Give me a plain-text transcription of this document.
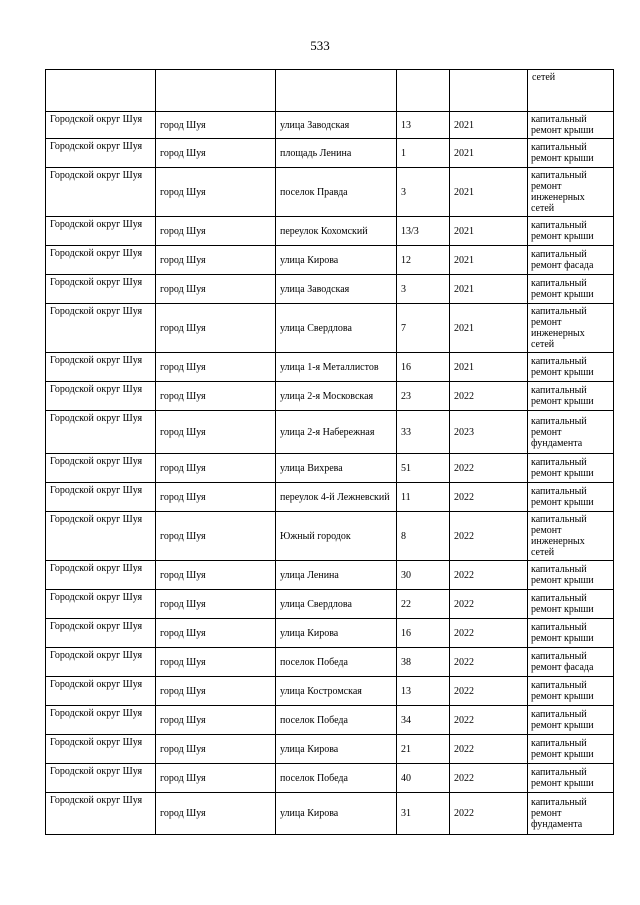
533
					сетей
Городской округ Шуя	город Шуя	улица Заводская	13	2021	капитальный ремонт крыши
Городской округ Шуя	город Шуя	площадь Ленина	1	2021	капитальный ремонт крыши
Городской округ Шуя	город Шуя	поселок Правда	3	2021	капитальный ремонт инженерных сетей
Городской округ Шуя	город Шуя	переулок Кохомский	13/3	2021	капитальный ремонт крыши
Городской округ Шуя	город Шуя	улица Кирова	12	2021	капитальный ремонт фасада
Городской округ Шуя	город Шуя	улица Заводская	3	2021	капитальный ремонт крыши
Городской округ Шуя	город Шуя	улица Свердлова	7	2021	капитальный ремонт инженерных сетей
Городской округ Шуя	город Шуя	улица 1-я Металлистов	16	2021	капитальный ремонт крыши
Городской округ Шуя	город Шуя	улица 2-я Московская	23	2022	капитальный ремонт крыши
Городской округ Шуя	город Шуя	улица 2-я Набережная	33	2023	капитальный ремонт фундамента
Городской округ Шуя	город Шуя	улица Вихрева	51	2022	капитальный ремонт крыши
Городской округ Шуя	город Шуя	переулок 4-й Лежневский	11	2022	капитальный ремонт крыши
Городской округ Шуя	город Шуя	Южный городок	8	2022	капитальный ремонт инженерных сетей
Городской округ Шуя	город Шуя	улица Ленина	30	2022	капитальный ремонт крыши
Городской округ Шуя	город Шуя	улица Свердлова	22	2022	капитальный ремонт крыши
Городской округ Шуя	город Шуя	улица Кирова	16	2022	капитальный ремонт крыши
Городской округ Шуя	город Шуя	поселок Победа	38	2022	капитальный ремонт фасада
Городской округ Шуя	город Шуя	улица Костромская	13	2022	капитальный ремонт крыши
Городской округ Шуя	город Шуя	поселок Победа	34	2022	капитальный ремонт крыши
Городской округ Шуя	город Шуя	улица Кирова	21	2022	капитальный ремонт крыши
Городской округ Шуя	город Шуя	поселок Победа	40	2022	капитальный ремонт крыши
Городской округ Шуя	город Шуя	улица Кирова	31	2022	капитальный ремонт фундамента
